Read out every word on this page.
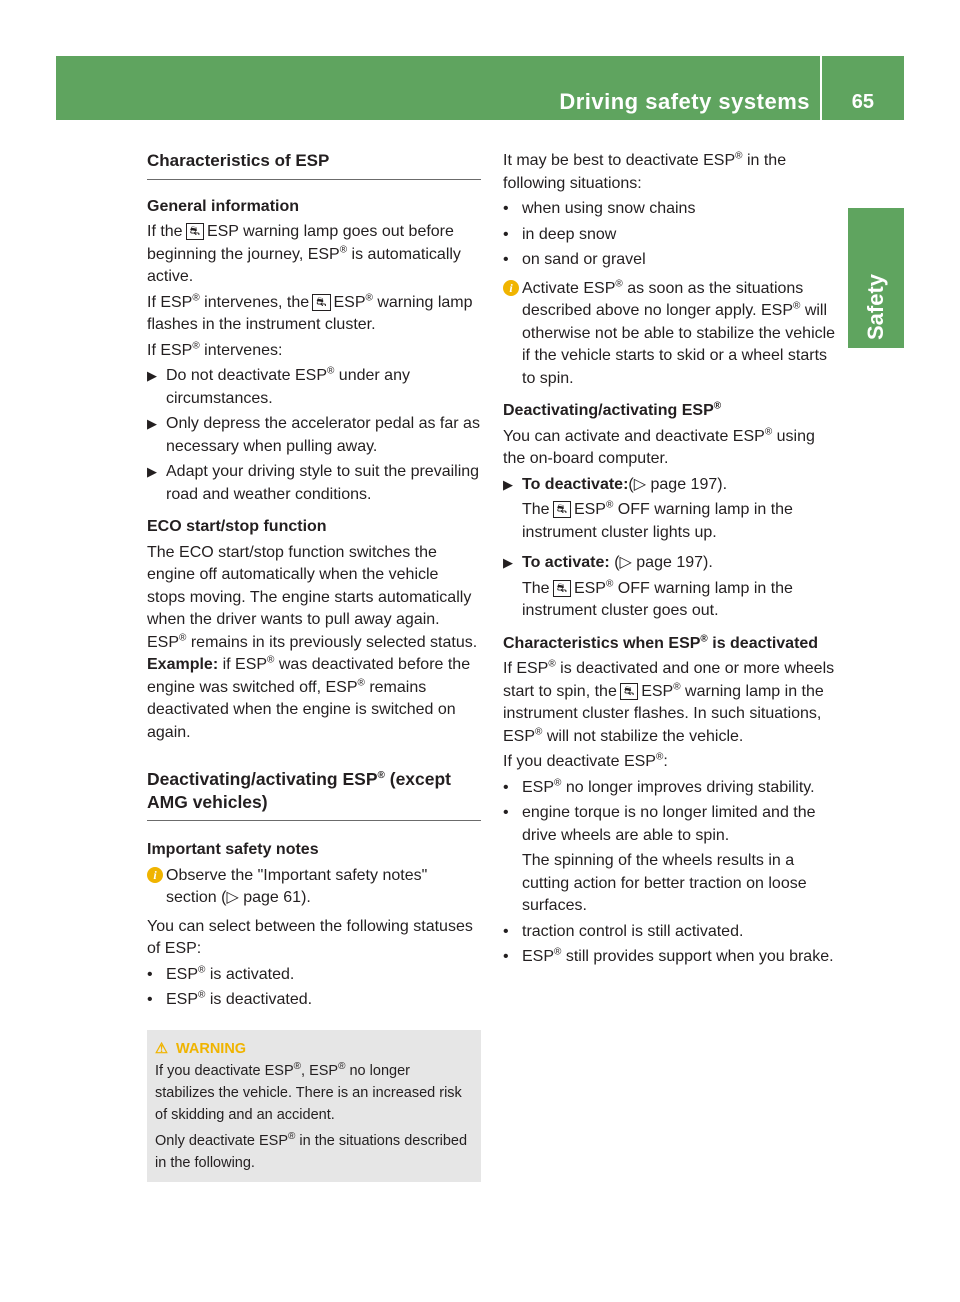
Driving safety systems	65
Safety

Characteristics of ESP

General information

If the ⛐ ESP warning lamp goes out before beginning the journey, ESP® is automatically active.

If ESP® intervenes, the ⛐ ESP® warning lamp flashes in the instrument cluster.

If ESP® intervenes:

▶ Do not deactivate ESP® under any circumstances.

▶ Only depress the accelerator pedal as far as necessary when pulling away.

▶ Adapt your driving style to suit the prevailing road and weather conditions.

ECO start/stop function

The ECO start/stop function switches the engine off automatically when the vehicle stops moving. The engine starts automatically when the driver wants to pull away again. ESP® remains in its previously selected status. Example: if ESP® was deactivated before the engine was switched off, ESP® remains deactivated when the engine is switched on again.

Deactivating/activating ESP® (except AMG vehicles)

Important safety notes

i Observe the "Important safety notes" section (▷ page 61).

You can select between the following statuses of ESP:

• ESP® is activated.

• ESP® is deactivated.

⚠ WARNING
If you deactivate ESP®, ESP® no longer stabilizes the vehicle. There is an increased risk of skidding and an accident.
Only deactivate ESP® in the situations described in the following.

It may be best to deactivate ESP® in the following situations:

• when using snow chains

• in deep snow

• on sand or gravel

i Activate ESP® as soon as the situations described above no longer apply. ESP® will otherwise not be able to stabilize the vehicle if the vehicle starts to skid or a wheel starts to spin.

Deactivating/activating ESP®

You can activate and deactivate ESP® using the on-board computer.

▶ To deactivate:(▷ page 197).

The ⛐ ESP® OFF warning lamp in the instrument cluster lights up.

▶ To activate: (▷ page 197).

The ⛐ ESP® OFF warning lamp in the instrument cluster goes out.

Characteristics when ESP® is deactivated

If ESP® is deactivated and one or more wheels start to spin, the ⛐ ESP® warning lamp in the instrument cluster flashes. In such situations, ESP® will not stabilize the vehicle.

If you deactivate ESP®:

• ESP® no longer improves driving stability.

• engine torque is no longer limited and the drive wheels are able to spin.

The spinning of the wheels results in a cutting action for better traction on loose surfaces.

• traction control is still activated.

• ESP® still provides support when you brake.
